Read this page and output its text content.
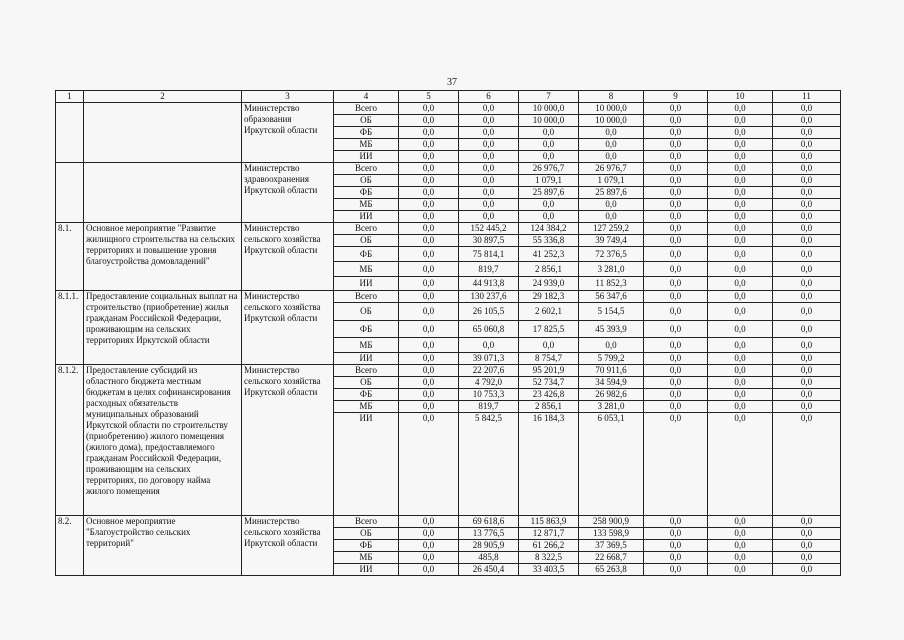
37
1	2	3	4	5	6	7	8	9	10	11
		Министерство образования Иркутской области	Всего	0,0	0,0	10 000,0	10 000,0	0,0	0,0	0,0
			ОБ	0,0	0,0	10 000,0	10 000,0	0,0	0,0	0,0
			ФБ	0,0	0,0	0,0	0,0	0,0	0,0	0,0
			МБ	0,0	0,0	0,0	0,0	0,0	0,0	0,0
			ИИ	0,0	0,0	0,0	0,0	0,0	0,0	0,0
		Министерство здравоохранения Иркутской области	Всего	0,0	0,0	26 976,7	26 976,7	0,0	0,0	0,0
			ОБ	0,0	0,0	1 079,1	1 079,1	0,0	0,0	0,0
			ФБ	0,0	0,0	25 897,6	25 897,6	0,0	0,0	0,0
			МБ	0,0	0,0	0,0	0,0	0,0	0,0	0,0
			ИИ	0,0	0,0	0,0	0,0	0,0	0,0	0,0
8.1.	Основное мероприятие "Развитие жилищного строительства на сельских территориях и повышение уровня благоустройства домовладений"	Министерство сельского хозяйства Иркутской области	Всего	0,0	152 445,2	124 384,2	127 259,2	0,0	0,0	0,0
			ОБ	0,0	30 897,5	55 336,8	39 749,4	0,0	0,0	0,0
			ФБ	0,0	75 814,1	41 252,3	72 376,5	0,0	0,0	0,0
			МБ	0,0	819,7	2 856,1	3 281,0	0,0	0,0	0,0
			ИИ	0,0	44 913,8	24 939,0	11 852,3	0,0	0,0	0,0
8.1.1.	Предоставление социальных выплат на строительство (приобретение) жилья гражданам Российской Федерации, проживающим на сельских территориях Иркутской области	Министерство сельского хозяйства Иркутской области	Всего	0,0	130 237,6	29 182,3	56 347,6	0,0	0,0	0,0
			ОБ	0,0	26 105,5	2 602,1	5 154,5	0,0	0,0	0,0
			ФБ	0,0	65 060,8	17 825,5	45 393,9	0,0	0,0	0,0
			МБ	0,0	0,0	0,0	0,0	0,0	0,0	0,0
			ИИ	0,0	39 071,3	8 754,7	5 799,2	0,0	0,0	0,0
8.1.2.	Предоставление субсидий из областного бюджета местным бюджетам в целях софинансирования расходных обязательств муниципальных образований Иркутской области по строительству (приобретению) жилого помещения (жилого дома), предоставляемого гражданам Российской Федерации, проживающим на сельских территориях, по договору найма жилого помещения	Министерство сельского хозяйства Иркутской области	Всего	0,0	22 207,6	95 201,9	70 911,6	0,0	0,0	0,0
			ОБ	0,0	4 792,0	52 734,7	34 594,9	0,0	0,0	0,0
			ФБ	0,0	10 753,3	23 426,8	26 982,6	0,0	0,0	0,0
			МБ	0,0	819,7	2 856,1	3 281,0	0,0	0,0	0,0
			ИИ	0,0	5 842,5	16 184,3	6 053,1	0,0	0,0	0,0
8.2.	Основное мероприятие "Благоустройство сельских территорий"	Министерство сельского хозяйства Иркутской области	Всего	0,0	69 618,6	115 863,9	258 900,9	0,0	0,0	0,0
			ОБ	0,0	13 776,5	12 871,7	133 598,9	0,0	0,0	0,0
			ФБ	0,0	28 905,9	61 266,2	37 369,5	0,0	0,0	0,0
			МБ	0,0	485,8	8 322,5	22 668,7	0,0	0,0	0,0
			ИИ	0,0	26 450,4	33 403,5	65 263,8	0,0	0,0	0,0
